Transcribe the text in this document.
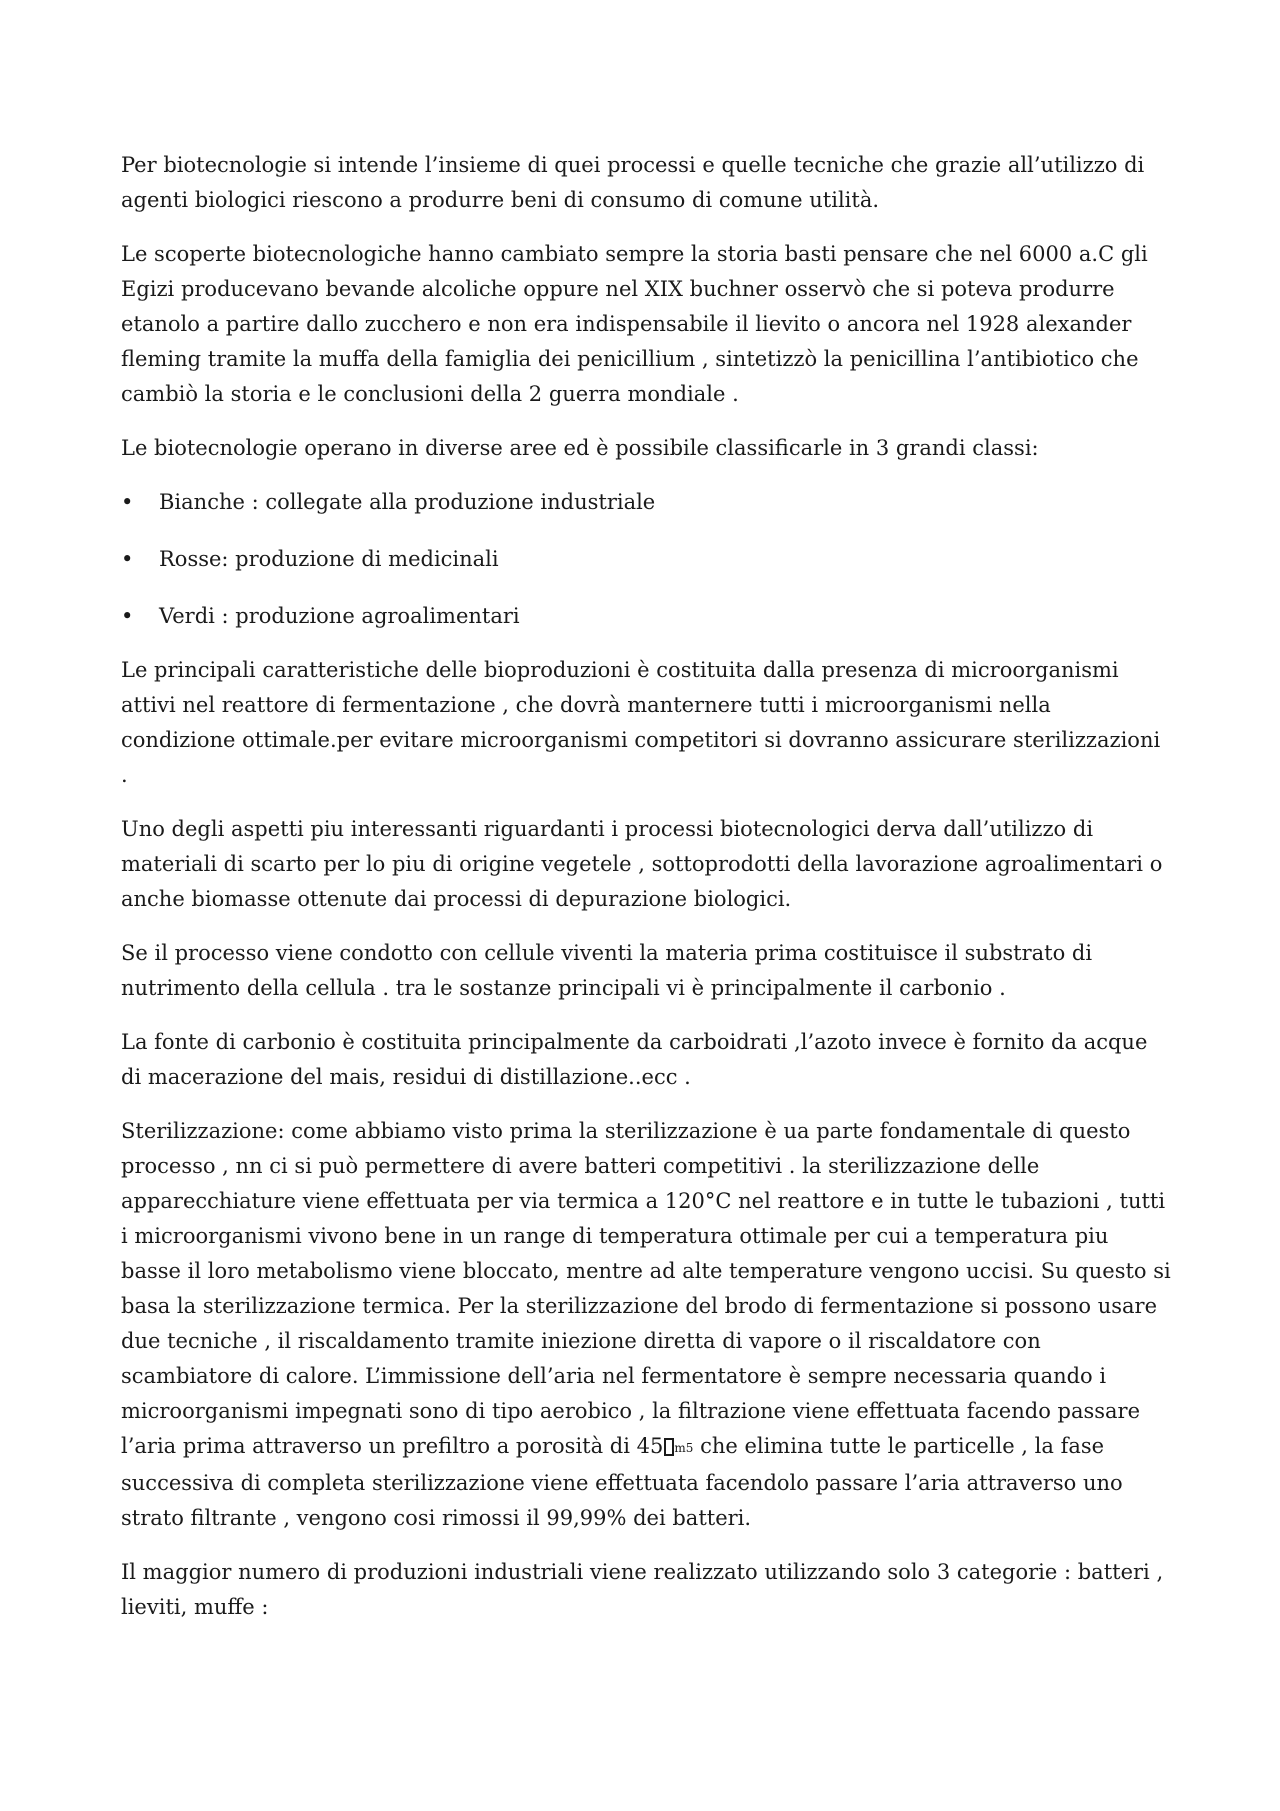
Per biotecnologie si intende l’insieme di quei processi e quelle tecniche che grazie all’utilizzo di agenti biologici riescono a produrre beni di consumo di comune utilità.

Le scoperte biotecnologiche hanno cambiato sempre la storia basti pensare che nel 6000 a.C gli Egizi producevano bevande alcoliche oppure nel XIX buchner osservò che si poteva produrre etanolo a partire dallo zucchero e non era indispensabile il lievito o ancora nel 1928 alexander fleming tramite la muffa della famiglia dei penicillium , sintetizzò la penicillina l’antibiotico che cambiò la storia e le conclusioni della 2 guerra mondiale .

Le biotecnologie operano in diverse aree ed è possibile classificarle in 3 grandi classi:

• Bianche : collegate alla produzione industriale
• Rosse: produzione di medicinali
• Verdi : produzione agroalimentari

Le principali caratteristiche delle bioproduzioni è costituita dalla presenza di microorganismi attivi nel reattore di fermentazione , che dovrà manternere tutti i microorganismi nella condizione ottimale.per evitare microorganismi competitori si dovranno assicurare sterilizzazioni .

Uno degli aspetti piu interessanti riguardanti i processi biotecnologici derva dall’utilizzo di materiali di scarto per lo piu di origine vegetele , sottoprodotti della lavorazione agroalimentari o anche biomasse ottenute dai processi di depurazione biologici.

Se il processo viene condotto con cellule viventi la materia prima costituisce il substrato di nutrimento della cellula . tra le sostanze principali vi è principalmente il carbonio .

La fonte di carbonio è costituita principalmente da carboidrati ,l’azoto invece è fornito da acque di macerazione del mais, residui di distillazione..ecc .

Sterilizzazione: come abbiamo visto prima la sterilizzazione è ua parte fondamentale di questo processo , nn ci si può permettere di avere batteri competitivi . la sterilizzazione delle apparecchiature viene effettuata per via termica a 120°C nel reattore e in tutte le tubazioni , tutti i microorganismi vivono bene in un range di temperatura ottimale per cui a temperatura piu basse il loro metabolismo viene bloccato, mentre ad alte temperature vengono uccisi. Su questo si basa la sterilizzazione termica. Per la sterilizzazione del brodo di fermentazione si possono usare due tecniche , il riscaldamento tramite iniezione diretta di vapore o il riscaldatore con scambiatore di calore. L’immissione dell’aria nel fermentatore è sempre necessaria quando i microorganismi impegnati sono di tipo aerobico , la filtrazione viene effettuata facendo passare l’aria prima attraverso un prefiltro a porosità di 45 m5 che elimina tutte le particelle , la fase successiva di completa sterilizzazione viene effettuata facendolo passare l’aria attraverso uno strato filtrante , vengono cosi rimossi il 99,99% dei batteri.

Il maggior numero di produzioni industriali viene realizzato utilizzando solo 3 categorie : batteri , lieviti, muffe :
